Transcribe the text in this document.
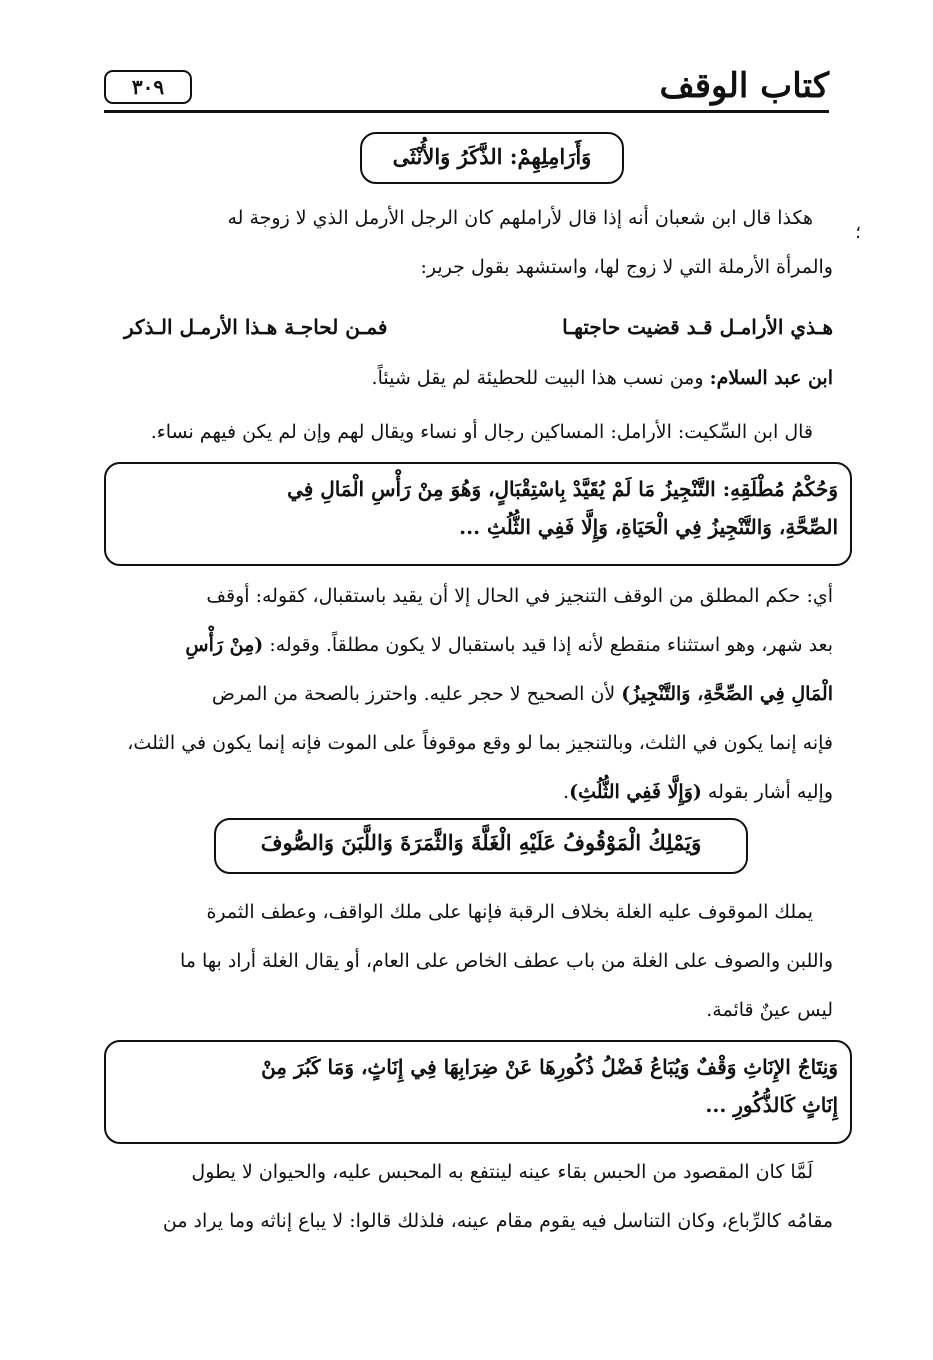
كتاب الوقف
٣٠٩
؛
وَأَرَامِلِهِمْ: الذَّكَرُ وَالأُنْثَى

هكذا قال ابن شعبان أنه إذا قال لأراملهم كان الرجل الأرمل الذي لا زوجة له

والمرأة الأرملة التي لا زوج لها، واستشهد بقول جرير:

هـذي الأرامـل قـد قضيت حاجتهـا
فمـن لحاجـة هـذا الأرمـل الـذكر

ابن عبد السلام: ومن نسب هذا البيت للحطيئة لم يقل شيئاً.

قال ابن السِّكيت: الأرامل: المساكين رجال أو نساء ويقال لهم وإن لم يكن فيهم نساء.

وَحُكْمُ مُطْلَقِهِ: التَّنْجِيزُ مَا لَمْ يُقَيَّدْ بِاسْتِقْبَالٍ، وَهُوَ مِنْ رَأْسِ الْمَالِ فِي
الصِّحَّةِ، وَالتَّنْجِيزُ فِي الْحَيَاةِ، وَإِلَّا فَفِي الثُّلُثِ ...

أي: حكم المطلق من الوقف التنجيز في الحال إلا أن يقيد باستقبال، كقوله: أوقف

بعد شهر، وهو استثناء منقطع لأنه إذا قيد باستقبال لا يكون مطلقاً. وقوله: (مِنْ رَأْسِ

الْمَالِ فِي الصِّحَّةِ، وَالتَّنْجِيزُ) لأن الصحيح لا حجر عليه. واحترز بالصحة من المرض

فإنه إنما يكون في الثلث، وبالتنجيز بما لو وقع موقوفاً على الموت فإنه إنما يكون في الثلث،

وإليه أشار بقوله (وَإِلَّا فَفِي الثُّلُثِ).

وَيَمْلِكُ الْمَوْقُوفُ عَلَيْهِ الْغَلَّةَ وَالثَّمَرَةَ وَاللَّبَنَ وَالصُّوفَ

يملك الموقوف عليه الغلة بخلاف الرقبة فإنها على ملك الواقف، وعطف الثمرة

واللبن والصوف على الغلة من باب عطف الخاص على العام، أو يقال الغلة أراد بها ما

ليس عينٌ قائمة.

وَنِتَاجُ الإِنَاثِ وَقْفٌ وَيُبَاعُ فَضْلُ ذُكُورِهَا عَنْ ضِرَابِهَا فِي إِنَاثٍ، وَمَا كَبُرَ مِنْ
إِنَاثٍ كَالذُّكُورِ ...

لَمَّا كان المقصود من الحبس بقاء عينه لينتفع به المحبس عليه، والحيوان لا يطول

مقامُه كالرِّباع، وكان التناسل فيه يقوم مقام عينه، فلذلك قالوا: لا يباع إناثه وما يراد من
